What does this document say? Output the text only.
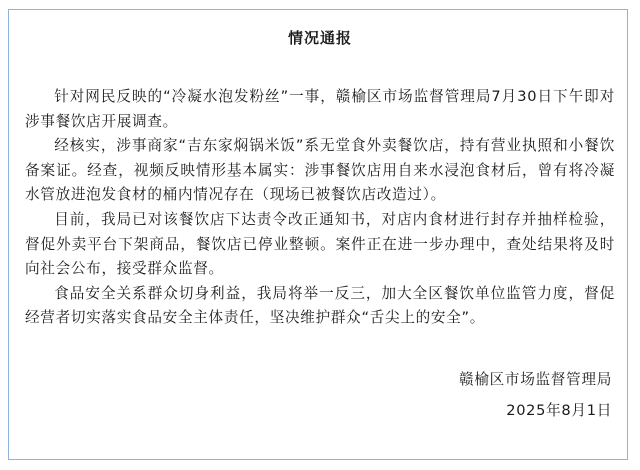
情况通报

针对网民反映的“冷凝水泡发粉丝”一事，赣榆区市场监督管理局7月30日下午即对涉事餐饮店开展调查。

经核实，涉事商家“吉东家焖锅米饭”系无堂食外卖餐饮店，持有营业执照和小餐饮备案证。经查，视频反映情形基本属实：涉事餐饮店用自来水浸泡食材后，曾有将冷凝水管放进泡发食材的桶内情况存在（现场已被餐饮店改造过）。

目前，我局已对该餐饮店下达责令改正通知书，对店内食材进行封存并抽样检验，督促外卖平台下架商品，餐饮店已停业整顿。案件正在进一步办理中，查处结果将及时向社会公布，接受群众监督。

食品安全关系群众切身利益，我局将举一反三，加大全区餐饮单位监管力度，督促经营者切实落实食品安全主体责任，坚决维护群众“舌尖上的安全”。

赣榆区市场监督管理局
2025年8月1日
